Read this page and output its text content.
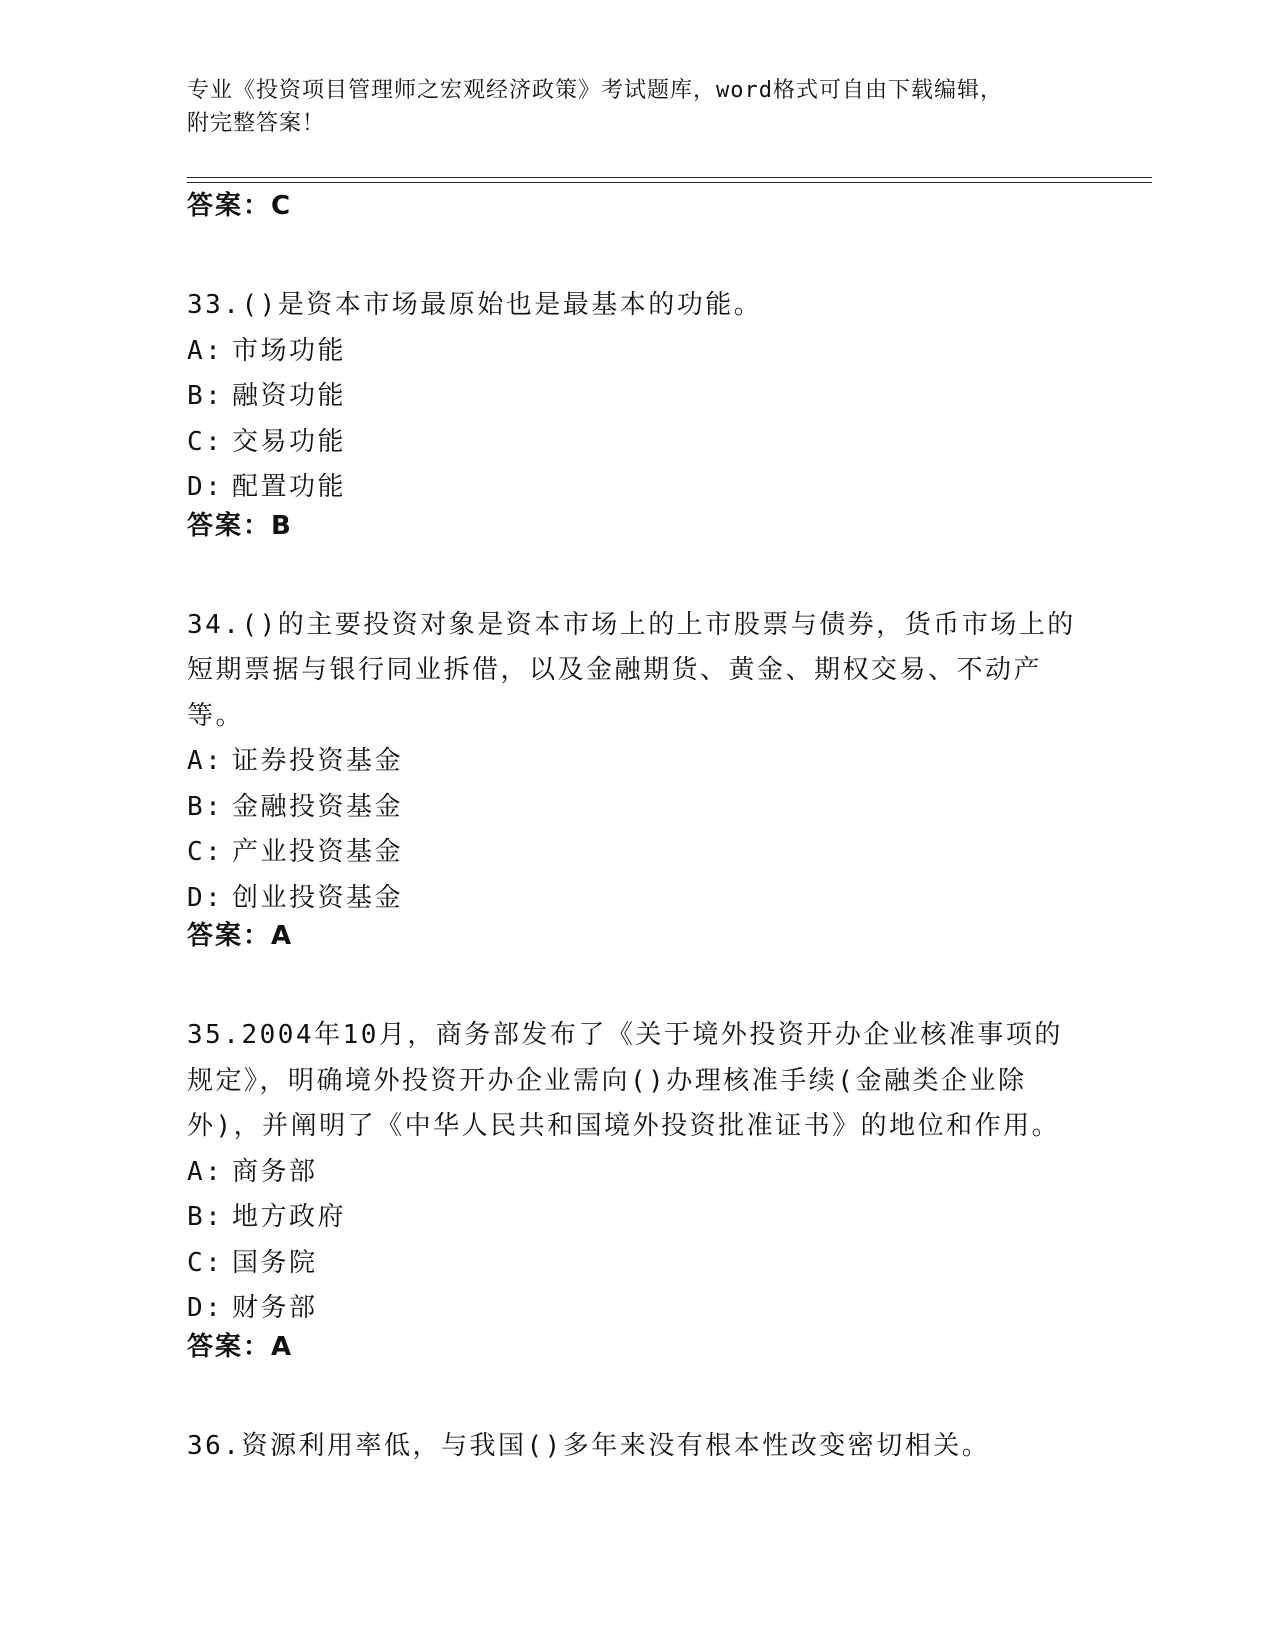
专业《投资项目管理师之宏观经济政策》考试题库，word格式可自由下载编辑，
附完整答案！
答案：C
33.()是资本市场最原始也是最基本的功能。
A: 市场功能
B: 融资功能
C: 交易功能
D: 配置功能
答案：B
34.()的主要投资对象是资本市场上的上市股票与债券，货币市场上的短期票据与银行同业拆借，以及金融期货、黄金、期权交易、不动产等。
A: 证券投资基金
B: 金融投资基金
C: 产业投资基金
D: 创业投资基金
答案：A
35.2004年10月，商务部发布了《关于境外投资开办企业核准事项的规定》，明确境外投资开办企业需向()办理核准手续(金融类企业除外)，并阐明了《中华人民共和国境外投资批准证书》的地位和作用。
A: 商务部
B: 地方政府
C: 国务院
D: 财务部
答案：A
36.资源利用率低，与我国()多年来没有根本性改变密切相关。
